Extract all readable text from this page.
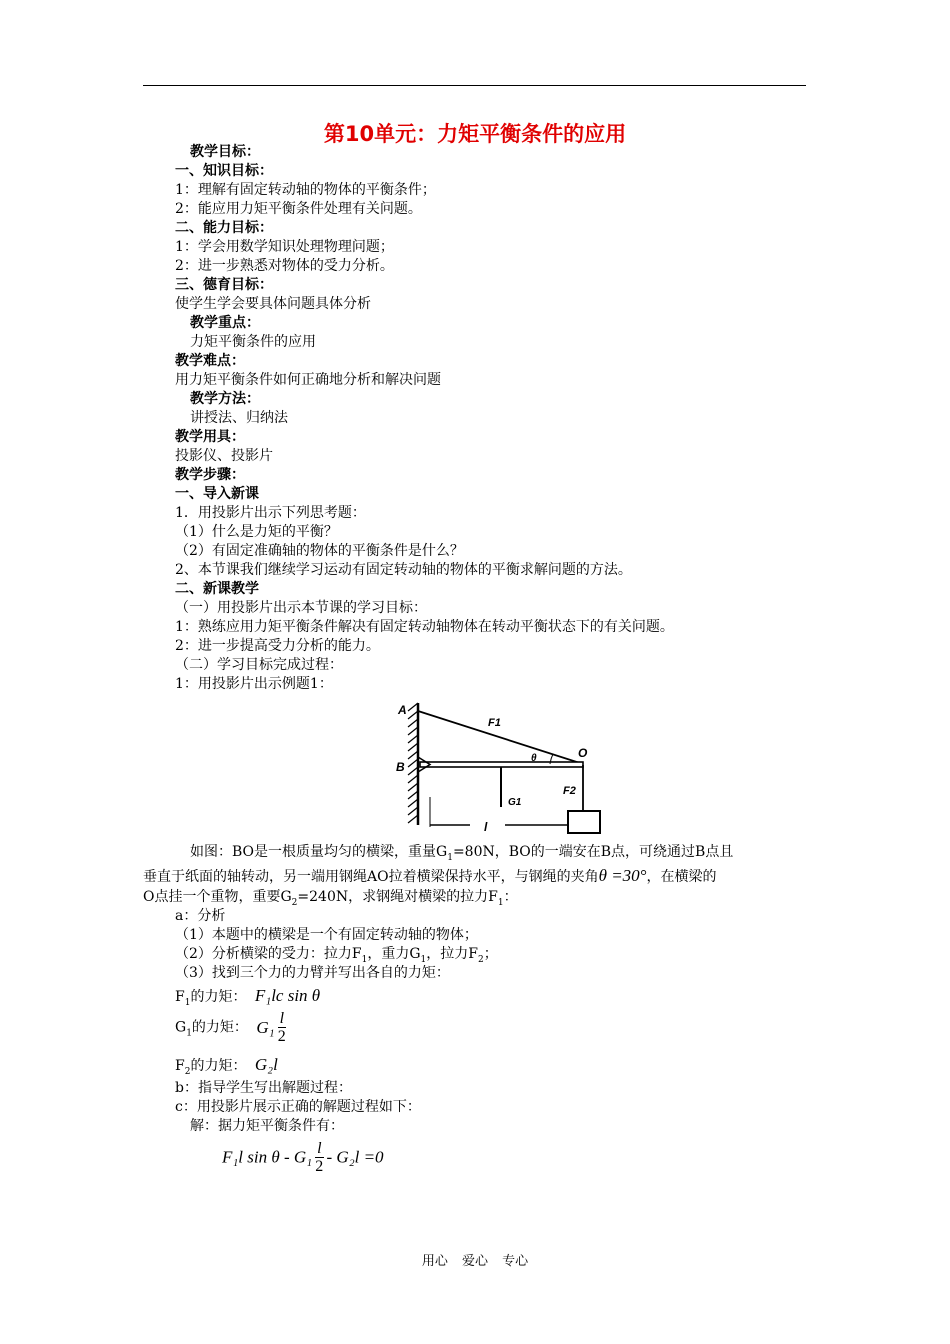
第10单元：力矩平衡条件的应用
教学目标：
一、知识目标：
1：理解有固定转动轴的物体的平衡条件；
2：能应用力矩平衡条件处理有关问题。
二、能力目标：
1：学会用数学知识处理物理问题；
2：进一步熟悉对物体的受力分析。
三、德育目标：
使学生学会要具体问题具体分析
教学重点：
力矩平衡条件的应用
教学难点：
用力矩平衡条件如何正确地分析和解决问题
教学方法：
讲授法、归纳法
教学用具：
投影仪、投影片
教学步骤：
一、导入新课
1．用投影片出示下列思考题：
（1）什么是力矩的平衡？
（2）有固定准确轴的物体的平衡条件是什么？
2、本节课我们继续学习运动有固定转动轴的物体的平衡求解问题的方法。
二、新课教学
（一）用投影片出示本节课的学习目标：
1：熟练应用力矩平衡条件解决有固定转动轴物体在转动平衡状态下的有关问题。
2：进一步提高受力分析的能力。
（二）学习目标完成过程：
1：用投影片出示例题1：
A
B
O
F1
F2
G1
l
θ
如图：BO是一根质量均匀的横梁，重量$G_1=80N$，BO的一端安在B点，可绕通过B点且
垂直于纸面的轴转动，另一端用钢绳AO拉着横梁保持水平，与钢绳的夹角θ =30°，在横梁的
O点挂一个重物，重要$G_2=240N$，求钢绳对横梁的拉力$F_1$：
a：分析
（1）本题中的横梁是一个有固定转动轴的物体；
（2）分析横梁的受力：拉力$F_1$，重力$G_1$，拉力$F_2$；
（3）找到三个力的力臂并写出各自的力矩：
$F_1$的力矩： F₁lc sin θ
$G_1$的力矩： $G_1 \frac{l}{2}$
$F_2$的力矩： G₂l
b：指导学生写出解题过程：
c：用投影片展示正确的解题过程如下：
解：据力矩平衡条件有：
F₁l $\sin \theta - G_1 \frac{l}{2} - G_2l =0$
用心 爱心 专心
